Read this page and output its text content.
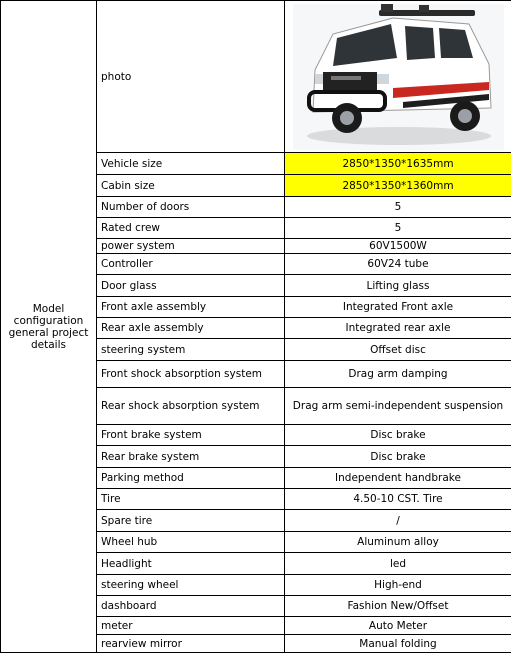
Model configuration general project details	photo	

	Vehicle size	2850*1350*1635mm
	Cabin size	2850*1350*1360mm
	Number of doors	5
	Rated crew	5
	power system	60V1500W
	Controller	60V24 tube
	Door glass	Lifting glass
	Front axle assembly	Integrated Front axle
	Rear axle assembly	Integrated rear axle
	steering system	Offset disc
	Front shock absorption system	Drag arm damping
	Rear shock absorption system	Drag arm semi-independent suspension
	Front brake system	Disc brake
	Rear brake system	Disc brake
	Parking method	Independent handbrake
	Tire	4.50-10 CST. Tire
	Spare tire	/
	Wheel hub	Aluminum alloy
	Headlight	led
	steering wheel	High-end
	dashboard	Fashion New/Offset
	meter	Auto Meter
	rearview mirror	Manual folding
